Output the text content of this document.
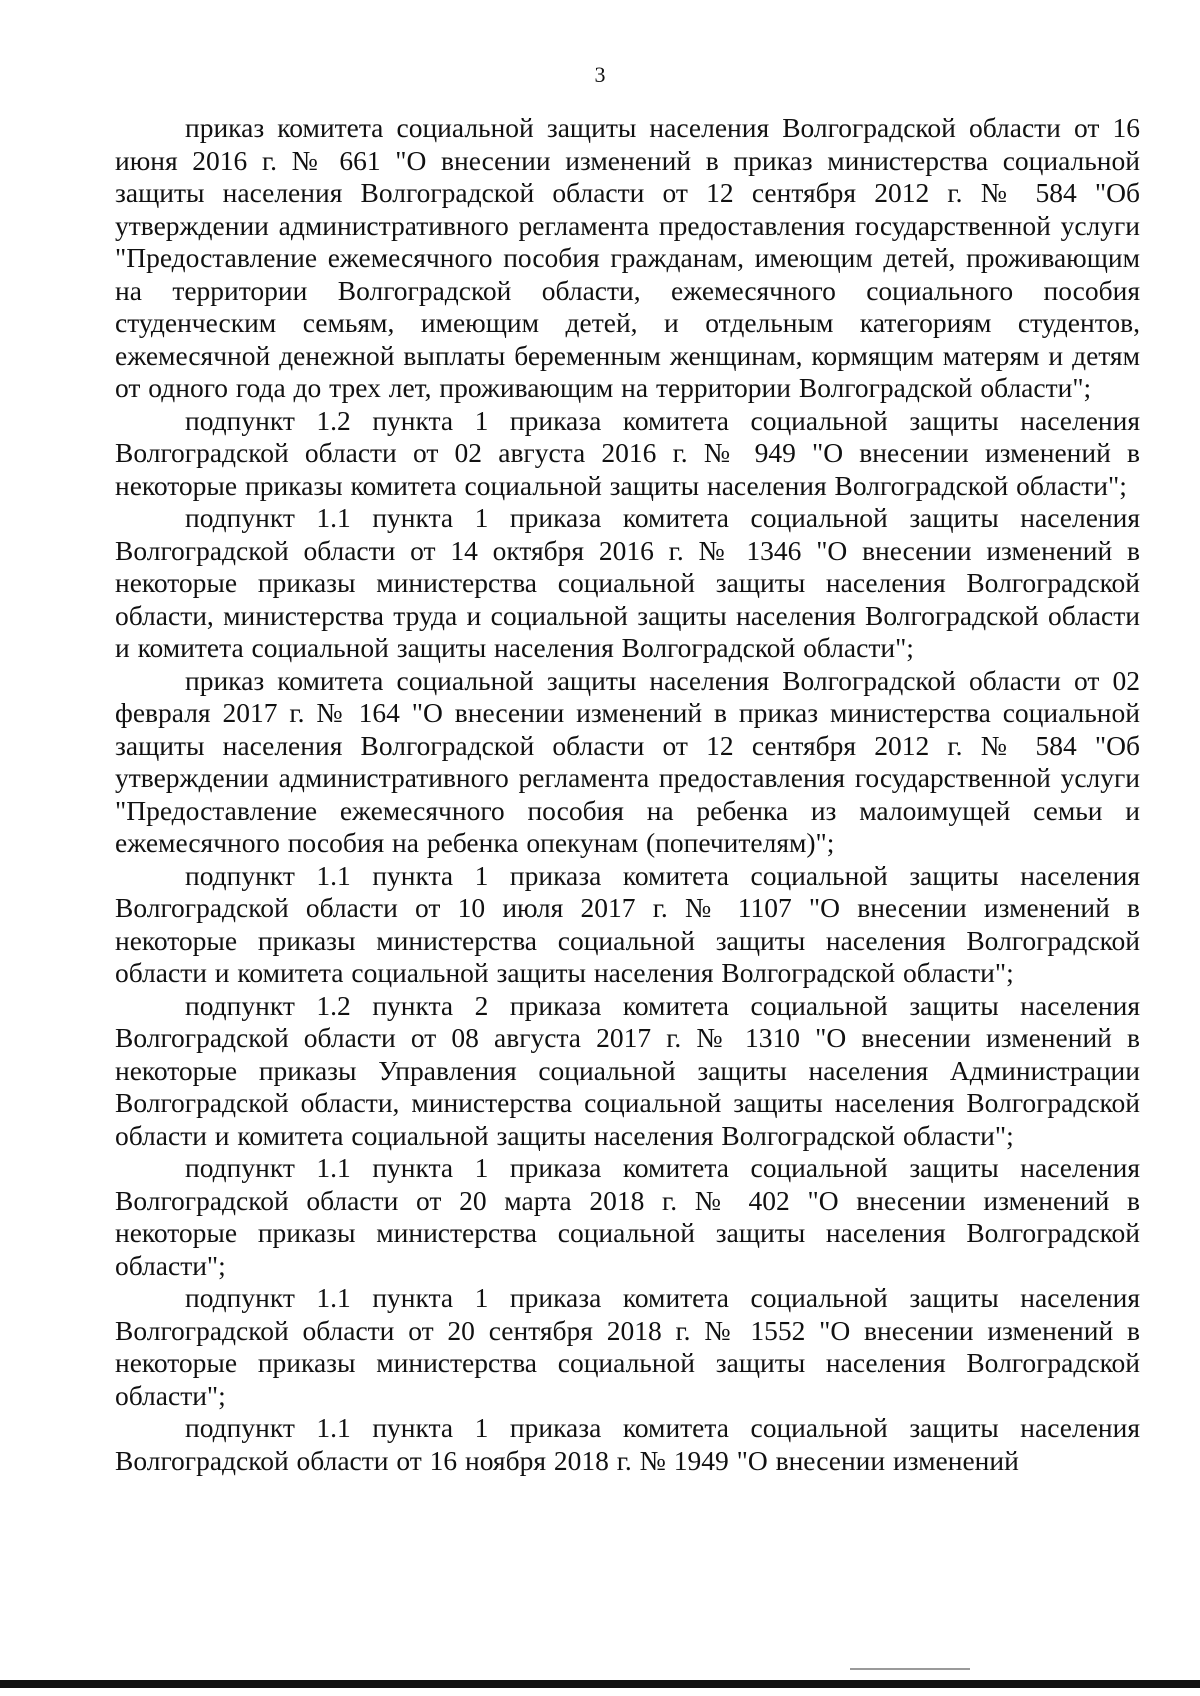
3

приказ комитета социальной защиты населения Волгоградской области от 16 июня 2016 г. № 661 "О внесении изменений в приказ министерства социальной защиты населения Волгоградской области от 12 сентября 2012 г. № 584 "Об утверждении административного регламента предоставления государственной услуги "Предоставление ежемесячного пособия гражданам, имеющим детей, проживающим на территории Волгоградской области, ежемесячного социального пособия студенческим семьям, имеющим детей, и отдельным категориям студентов, ежемесячной денежной выплаты беременным женщинам, кормящим матерям и детям от одного года до трех лет, проживающим на территории Волгоградской области";

подпункт 1.2 пункта 1 приказа комитета социальной защиты населения Волгоградской области от 02 августа 2016 г. № 949 "О внесении изменений в некоторые приказы комитета социальной защиты населения Волгоградской области";

подпункт 1.1 пункта 1 приказа комитета социальной защиты населения Волгоградской области от 14 октября 2016 г. № 1346 "О внесении изменений в некоторые приказы министерства социальной защиты населения Волгоградской области, министерства труда и социальной защиты населения Волгоградской области и комитета социальной защиты населения Волгоградской области";

приказ комитета социальной защиты населения Волгоградской области от 02 февраля 2017 г. № 164 "О внесении изменений в приказ министерства социальной защиты населения Волгоградской области от 12 сентября 2012 г. № 584 "Об утверждении административного регламента предоставления государственной услуги "Предоставление ежемесячного пособия на ребенка из малоимущей семьи и ежемесячного пособия на ребенка опекунам (попечителям)";

подпункт 1.1 пункта 1 приказа комитета социальной защиты населения Волгоградской области от 10 июля 2017 г. № 1107 "О внесении изменений в некоторые приказы министерства социальной защиты населения Волгоградской области и комитета социальной защиты населения Волгоградской области";

подпункт 1.2 пункта 2 приказа комитета социальной защиты населения Волгоградской области от 08 августа 2017 г. № 1310 "О внесении изменений в некоторые приказы Управления социальной защиты населения Администрации Волгоградской области, министерства социальной защиты населения Волгоградской области и комитета социальной защиты населения Волгоградской области";

подпункт 1.1 пункта 1 приказа комитета социальной защиты населения Волгоградской области от 20 марта 2018 г. № 402 "О внесении изменений в некоторые приказы министерства социальной защиты населения Волгоградской области";

подпункт 1.1 пункта 1 приказа комитета социальной защиты населения Волгоградской области от 20 сентября 2018 г. № 1552 "О внесении изменений в некоторые приказы министерства социальной защиты населения Волгоградской области";

подпункт 1.1 пункта 1 приказа комитета социальной защиты населения Волгоградской области от 16 ноября 2018 г. № 1949 "О внесении изменений
